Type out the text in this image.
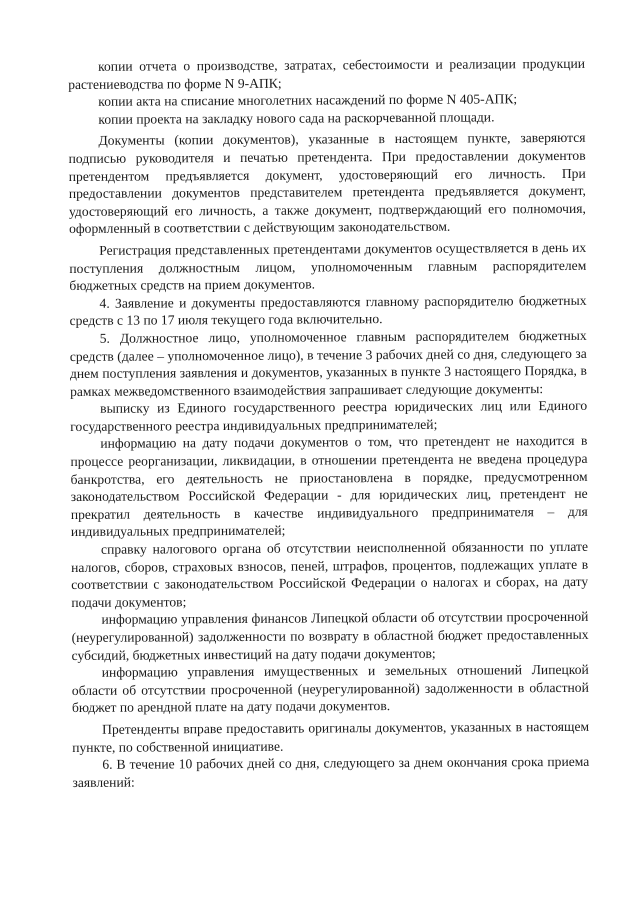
копии отчета о производстве, затратах, себестоимости и реализации продукции растениеводства по форме N 9-АПК;

копии акта на списание многолетних насаждений по форме N 405-АПК;

копии проекта на закладку нового сада на раскорчеванной площади.

Документы (копии документов), указанные в настоящем пункте, заверяются подписью руководителя и печатью претендента. При предоставлении документов претендентом предъявляется документ, удостоверяющий его личность. При предоставлении документов представителем претендента предъявляется документ, удостоверяющий его личность, а также документ, подтверждающий его полномочия, оформленный в соответствии с действующим законодательством.

Регистрация представленных претендентами документов осуществляется в день их поступления должностным лицом, уполномоченным главным распорядителем бюджетных средств на прием документов.

4. Заявление и документы предоставляются главному распорядителю бюджетных средств с 13 по 17 июля текущего года включительно.

5. Должностное лицо, уполномоченное главным распорядителем бюджетных средств (далее – уполномоченное лицо), в течение 3 рабочих дней со дня, следующего за днем поступления заявления и документов, указанных в пункте 3 настоящего Порядка, в рамках межведомственного взаимодействия запрашивает следующие документы:

выписку из Единого государственного реестра юридических лиц или Единого государственного реестра индивидуальных предпринимателей;

информацию на дату подачи документов о том, что претендент не находится в процессе реорганизации, ликвидации, в отношении претендента не введена процедура банкротства, его деятельность не приостановлена в порядке, предусмотренном законодательством Российской Федерации - для юридических лиц, претендент не прекратил деятельность в качестве индивидуального предпринимателя – для индивидуальных предпринимателей;

справку налогового органа об отсутствии неисполненной обязанности по уплате налогов, сборов, страховых взносов, пеней, штрафов, процентов, подлежащих уплате в соответствии с законодательством Российской Федерации о налогах и сборах, на дату подачи документов;

информацию управления финансов Липецкой области об отсутствии просроченной (неурегулированной) задолженности по возврату в областной бюджет предоставленных субсидий, бюджетных инвестиций на дату подачи документов;

информацию управления имущественных и земельных отношений Липецкой области об отсутствии просроченной (неурегулированной) задолженности в областной бюджет по арендной плате на дату подачи документов.

Претенденты вправе предоставить оригиналы документов, указанных в настоящем пункте, по собственной инициативе.

6. В течение 10 рабочих дней со дня, следующего за днем окончания срока приема заявлений:
